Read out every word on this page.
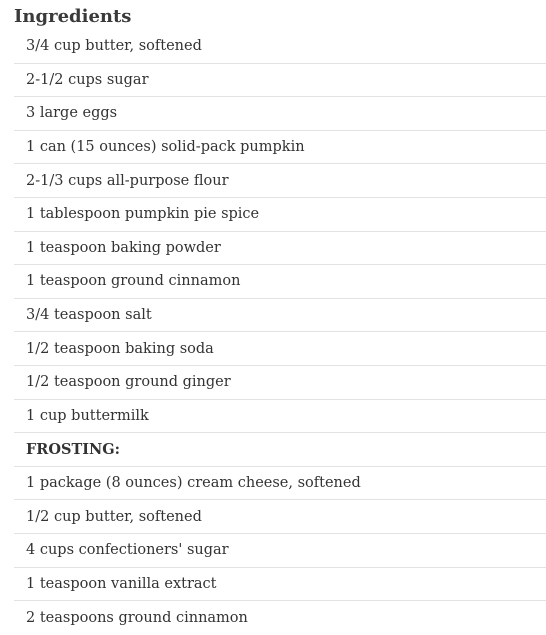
Ingredients
3/4 cup butter, softened
2-1/2 cups sugar
3 large eggs
1 can (15 ounces) solid-pack pumpkin
2-1/3 cups all-purpose flour
1 tablespoon pumpkin pie spice
1 teaspoon baking powder
1 teaspoon ground cinnamon
3/4 teaspoon salt
1/2 teaspoon baking soda
1/2 teaspoon ground ginger
1 cup buttermilk
FROSTING:
1 package (8 ounces) cream cheese, softened
1/2 cup butter, softened
4 cups confectioners' sugar
1 teaspoon vanilla extract
2 teaspoons ground cinnamon
